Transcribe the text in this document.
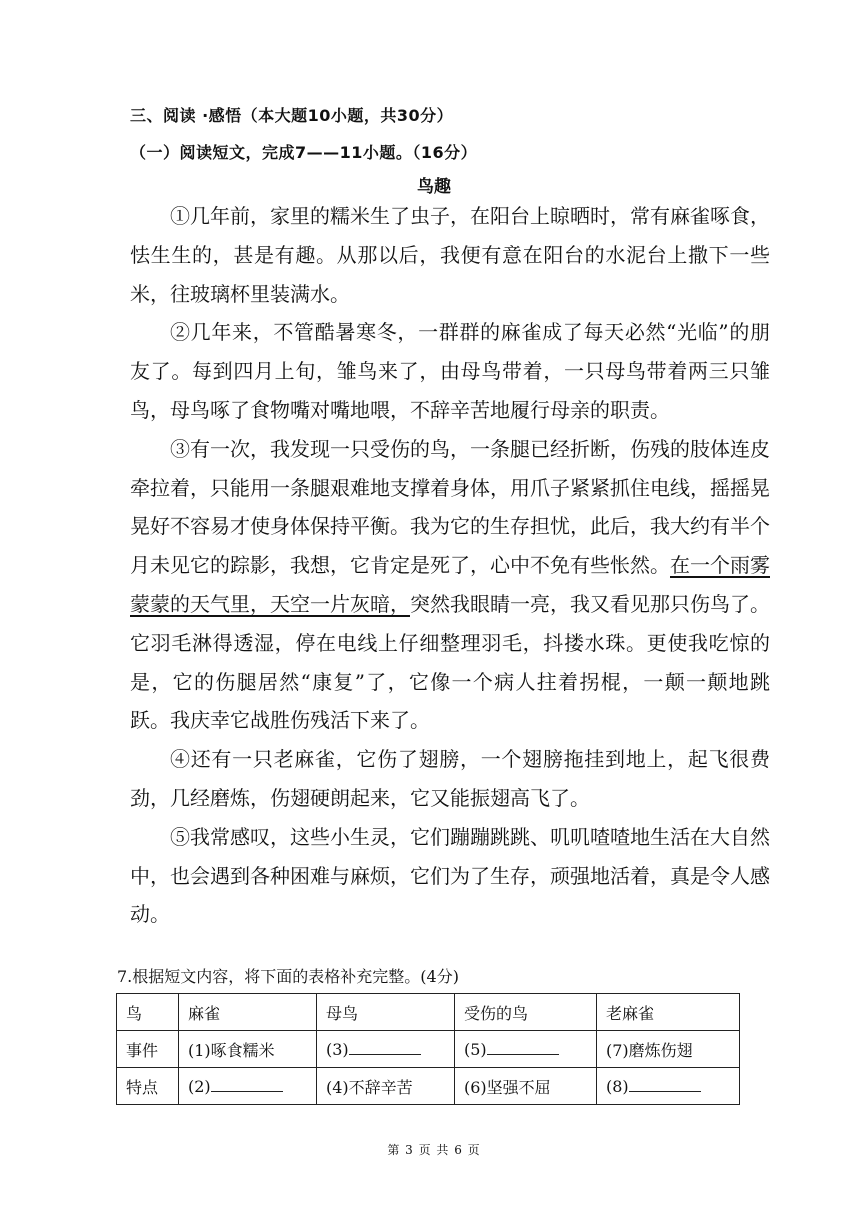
三、阅读 ·感悟（本大题10小题，共30分）
（一）阅读短文，完成7——11小题。（16分）
鸟趣

①几年前，家里的糯米生了虫子，在阳台上晾晒时，常有麻雀啄食，怯生生的，甚是有趣。从那以后，我便有意在阳台的水泥台上撒下一些米，往玻璃杯里装满水。

②几年来，不管酷暑寒冬，一群群的麻雀成了每天必然“光临”的朋友了。每到四月上旬，雏鸟来了，由母鸟带着，一只母鸟带着两三只雏鸟，母鸟啄了食物嘴对嘴地喂，不辞辛苦地履行母亲的职责。

③有一次，我发现一只受伤的鸟，一条腿已经折断，伤残的肢体连皮牵拉着，只能用一条腿艰难地支撑着身体，用爪子紧紧抓住电线，摇摇晃晃好不容易才使身体保持平衡。我为它的生存担忧，此后，我大约有半个月未见它的踪影，我想，它肯定是死了，心中不免有些怅然。在一个雨雾蒙蒙的天气里，天空一片灰暗，突然我眼睛一亮，我又看见那只伤鸟了。它羽毛淋得透湿，停在电线上仔细整理羽毛，抖搂水珠。更使我吃惊的是，它的伤腿居然“康复”了，它像一个病人拄着拐棍，一颠一颠地跳跃。我庆幸它战胜伤残活下来了。

④还有一只老麻雀，它伤了翅膀，一个翅膀拖挂到地上，起飞很费劲，几经磨炼，伤翅硬朗起来，它又能振翅高飞了。

⑤我常感叹，这些小生灵，它们蹦蹦跳跳、叽叽喳喳地生活在大自然中，也会遇到各种困难与麻烦，它们为了生存，顽强地活着，真是令人感动。

7.根据短文内容，将下面的表格补充完整。(4分)
鸟	麻雀	母鸟	受伤的鸟	老麻雀
事件	(1)啄食糯米	(3)	(5)	(7)磨炼伤翅
特点	(2)	(4)不辞辛苦	(6)坚强不屈	(8)
第 3 页 共 6 页
